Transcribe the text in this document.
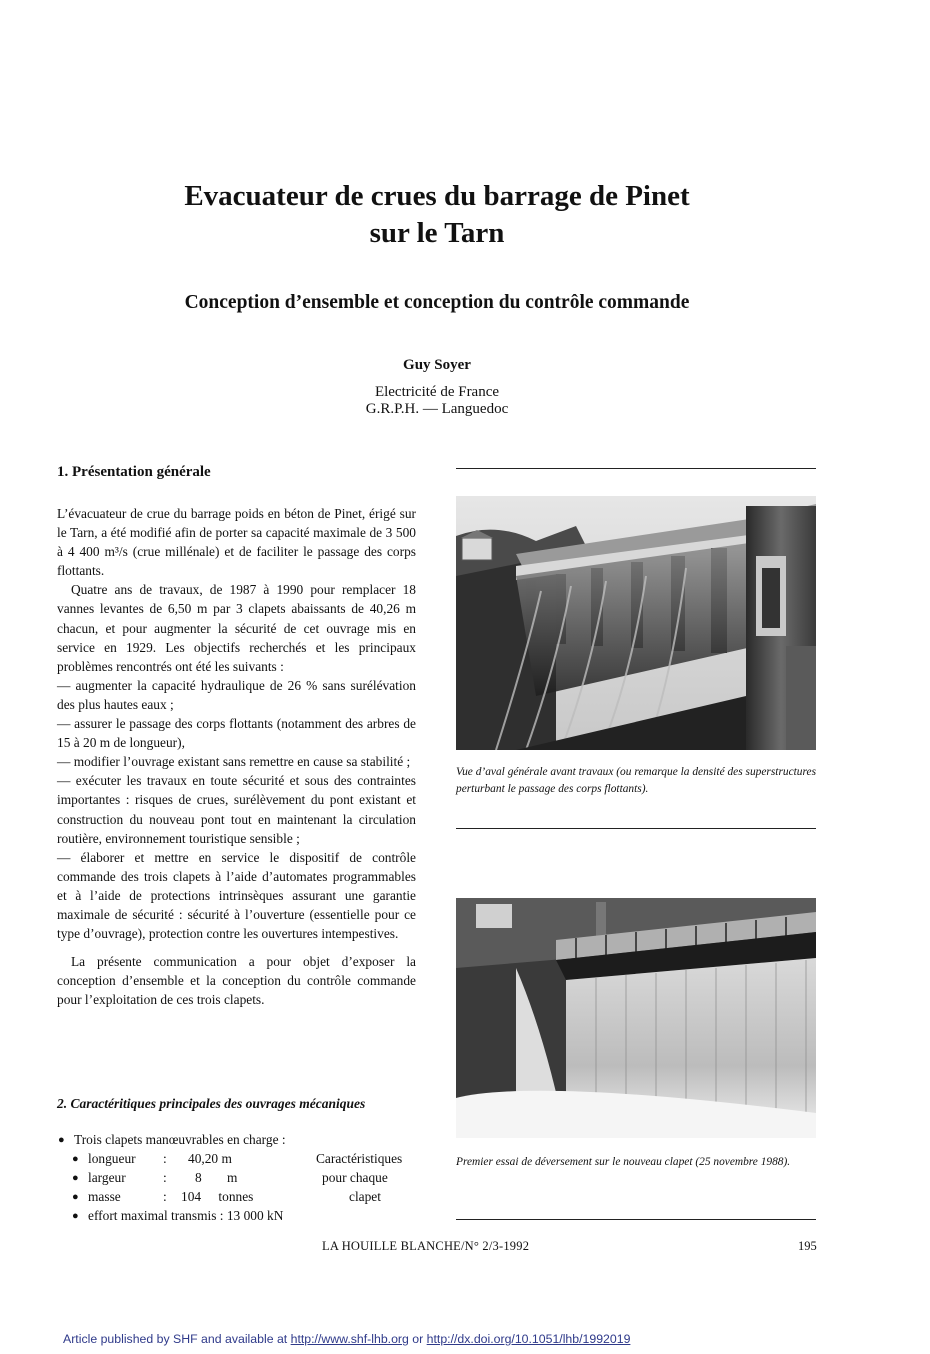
Evacuateur de crues du barrage de Pinet
sur le Tarn
Conception d’ensemble et conception du contrôle commande
Guy Soyer
Electricité de France
G.R.P.H. — Languedoc
1. Présentation générale

L’évacuateur de crue du barrage poids en béton de Pinet, érigé sur le Tarn, a été modifié afin de porter sa capacité maximale de 3 500 à 4 400 m³/s (crue millénale) et de faciliter le passage des corps flottants.

Quatre ans de travaux, de 1987 à 1990 pour remplacer 18 vannes levantes de 6,50 m par 3 clapets abaissants de 40,26 m chacun, et pour augmenter la sécurité de cet ouvrage mis en service en 1929. Les objectifs recherchés et les principaux problèmes rencontrés ont été les suivants :

— augmenter la capacité hydraulique de 26 % sans surélévation des plus hautes eaux ;

— assurer le passage des corps flottants (notamment des arbres de 15 à 20 m de longueur),

— modifier l’ouvrage existant sans remettre en cause sa stabilité ;

— exécuter les travaux en toute sécurité et sous des contraintes importantes : risques de crues, surélèvement du pont existant et construction du nouveau pont tout en maintenant la circulation routière, environnement touristique sensible ;

— élaborer et mettre en service le dispositif de contrôle commande des trois clapets à l’aide d’automates programmables et à l’aide de protections intrinsèques assurant une garantie maximale de sécurité : sécurité à l’ouverture (essentielle pour ce type d’ouvrage), protection contre les ouvertures intempestives.

La présente communication a pour objet d’exposer la conception d’ensemble et la conception du contrôle commande pour l’exploitation de ces trois clapets.

2. Caractéritiques principales des ouvrages mécaniques
● Trois clapets manœuvrables en charge :
● longueur : 40,20 m	Caractéristiques
● largeur	: 8 m	pour chaque
● masse	: 104 tonnes	clapet
● effort maximal transmis : 13 000 kN
Vue d’aval générale avant travaux (ou remarque la densité des superstructures perturbant le passage des corps flottants).
Premier essai de déversement sur le nouveau clapet (25 novembre 1988).
LA HOUILLE BLANCHE/N° 2/3-1992	195
Article published by SHF and available at http://www.shf-lhb.org or http://dx.doi.org/10.1051/lhb/1992019
